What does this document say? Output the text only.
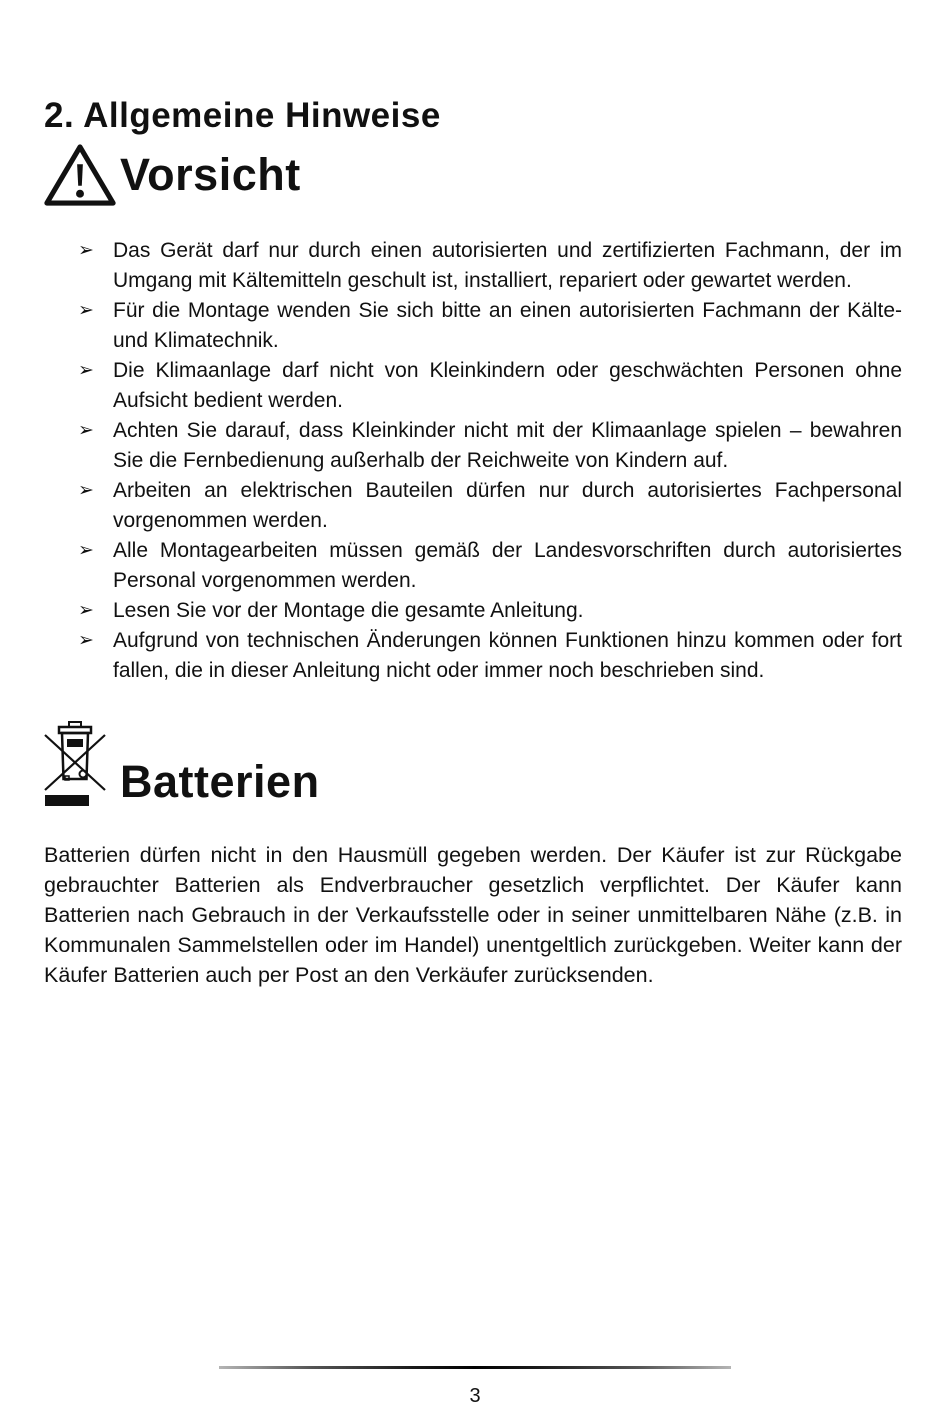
2. Allgemeine Hinweise
Vorsicht
➢ Das Gerät darf nur durch einen autorisierten und zertifizierten Fachmann, der im Umgang mit Kältemitteln geschult ist, installiert, repariert oder gewartet werden.
➢ Für die Montage wenden Sie sich bitte an einen autorisierten Fachmann der Kälte- und Klimatechnik.
➢ Die Klimaanlage darf nicht von Kleinkindern oder geschwächten Personen ohne Aufsicht bedient werden.
➢ Achten Sie darauf, dass Kleinkinder nicht mit der Klimaanlage spielen – bewahren Sie die Fernbedienung außerhalb der Reichweite von Kindern auf.
➢ Arbeiten an elektrischen Bauteilen dürfen nur durch autorisiertes Fachpersonal vorgenommen werden.
➢ Alle Montagearbeiten müssen gemäß der Landesvorschriften durch autorisiertes Personal vorgenommen werden.
➢ Lesen Sie vor der Montage die gesamte Anleitung.
➢ Aufgrund von technischen Änderungen können Funktionen hinzu kommen oder fort fallen, die in dieser Anleitung nicht oder immer noch beschrieben sind.
Batterien

Batterien dürfen nicht in den Hausmüll gegeben werden. Der Käufer ist zur Rückgabe gebrauchter Batterien als Endverbraucher gesetzlich verpflichtet. Der Käufer kann Batterien nach Gebrauch in der Verkaufsstelle oder in seiner unmittelbaren Nähe (z.B. in Kommunalen Sammelstellen oder im Handel) unentgeltlich zurückgeben. Weiter kann der Käufer Batterien auch per Post an den Verkäufer zurücksenden.

3
